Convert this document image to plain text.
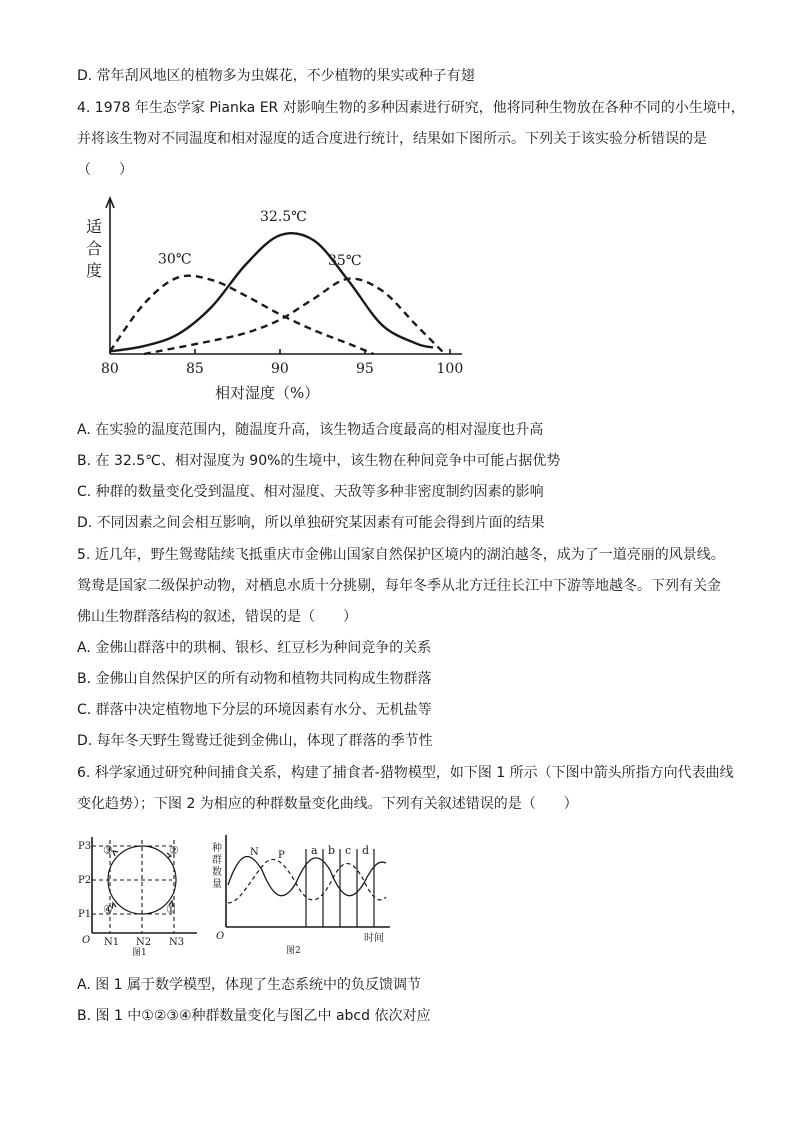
D. 常年刮风地区的植物多为虫媒花，不少植物的果实或种子有翅
4. 1978 年生态学家 Pianka ER 对影响生物的多种因素进行研究，他将同种生物放在各种不同的小生境中，
并将该生物对不同温度和相对湿度的适合度进行统计，结果如下图所示。下列关于该实验分析错误的是
（　　）
适
合
度
80	85	90	95	100
相对湿度（%）
32.5℃
30℃	35℃
A. 在实验的温度范围内，随温度升高，该生物适合度最高的相对湿度也升高
B. 在 32.5℃、相对湿度为 90%的生境中，该生物在种间竞争中可能占据优势
C. 种群的数量变化受到温度、相对湿度、天敌等多种非密度制约因素的影响
D. 不同因素之间会相互影响，所以单独研究某因素有可能会得到片面的结果
5. 近几年，野生鸳鸯陆续飞抵重庆市金佛山国家自然保护区境内的湖泊越冬，成为了一道亮丽的风景线。
鸳鸯是国家二级保护动物，对栖息水质十分挑剔，每年冬季从北方迁往长江中下游等地越冬。下列有关金
佛山生物群落结构的叙述，错误的是（　　）
A. 金佛山群落中的珙桐、银杉、红豆杉为种间竞争的关系
B. 金佛山自然保护区的所有动物和植物共同构成生物群落
C. 群落中决定植物地下分层的环境因素有水分、无机盐等
D. 每年冬天野生鸳鸯迁徙到金佛山，体现了群落的季节性
6. 科学家通过研究种间捕食关系，构建了捕食者-猎物模型，如下图 1 所示（下图中箭头所指方向代表曲线
变化趋势）；下图 2 为相应的种群数量变化曲线。下列有关叙述错误的是（　　）
P3
P2
P1
O N1 N2 N3
③	②
④	①
图1
种
群
数
量
N P a b c d
O	时间
图2
A. 图 1 属于数学模型，体现了生态系统中的负反馈调节
B. 图 1 中①②③④种群数量变化与图乙中 abcd 依次对应
